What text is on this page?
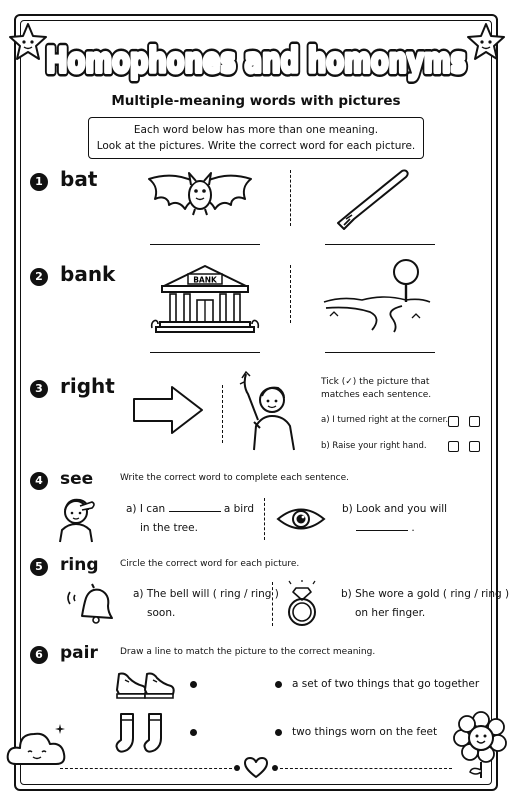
Homophones and homonyms
Homophones and homonyms
Multiple-meaning words with pictures
Each word below has more than one meaning.
Look at the pictures. Write the correct word for each picture.
1 bat
2 bank	BANK
3 right	Tick (✓) the picture that
matches each sentence.
a) I turned right at the corner.
b) Raise your right hand.
4	see	Write the correct word to complete each sentence.
a) I can	a bird
in the tree.
b) Look and you will
.
5	ring Circle the correct word for each picture.
a) The bell will ( ring / ring )
soon.
b) She wore a gold ( ring / ring )
on her finger.
6	pair Draw a line to match the picture to the correct meaning.
a set of two things that go together
two things worn on the feet
